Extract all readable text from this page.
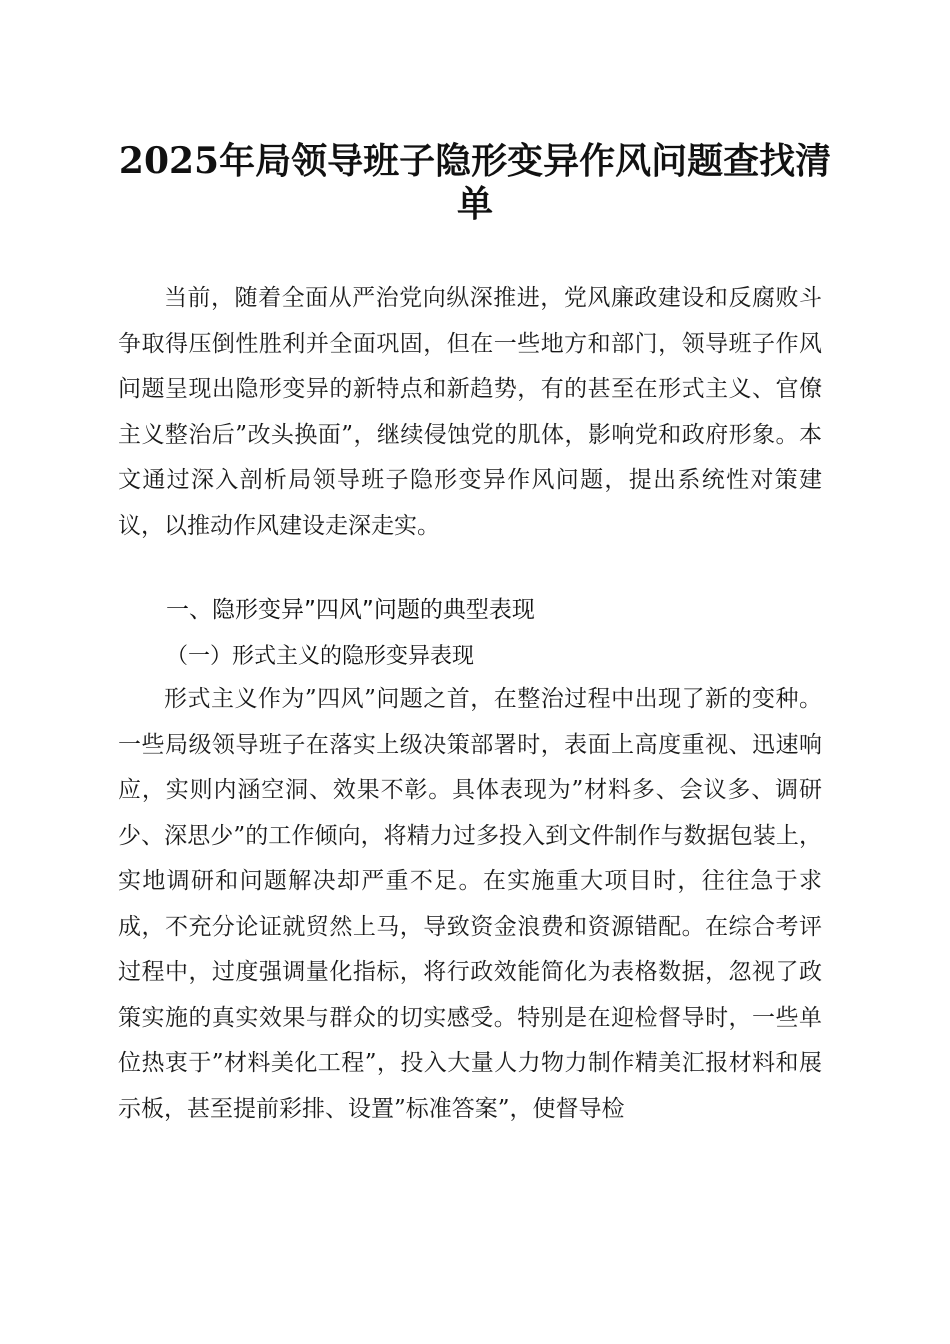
2025年局领导班子隐形变异作风问题查找清单

当前，随着全面从严治党向纵深推进，党风廉政建设和反腐败斗争取得压倒性胜利并全面巩固，但在一些地方和部门，领导班子作风问题呈现出隐形变异的新特点和新趋势，有的甚至在形式主义、官僚主义整治后”改头换面”，继续侵蚀党的肌体，影响党和政府形象。本文通过深入剖析局领导班子隐形变异作风问题，提出系统性对策建议，以推动作风建设走深走实。

一、隐形变异”四风”问题的典型表现

（一）形式主义的隐形变异表现

形式主义作为”四风”问题之首，在整治过程中出现了新的变种。一些局级领导班子在落实上级决策部署时，表面上高度重视、迅速响应，实则内涵空洞、效果不彰。具体表现为”材料多、会议多、调研少、深思少”的工作倾向，将精力过多投入到文件制作与数据包装上，实地调研和问题解决却严重不足。在实施重大项目时，往往急于求成，不充分论证就贸然上马，导致资金浪费和资源错配。在综合考评过程中，过度强调量化指标，将行政效能简化为表格数据，忽视了政策实施的真实效果与群众的切实感受。特别是在迎检督导时，一些单位热衷于”材料美化工程”，投入大量人力物力制作精美汇报材料和展示板，甚至提前彩排、设置”标准答案”，使督导检
